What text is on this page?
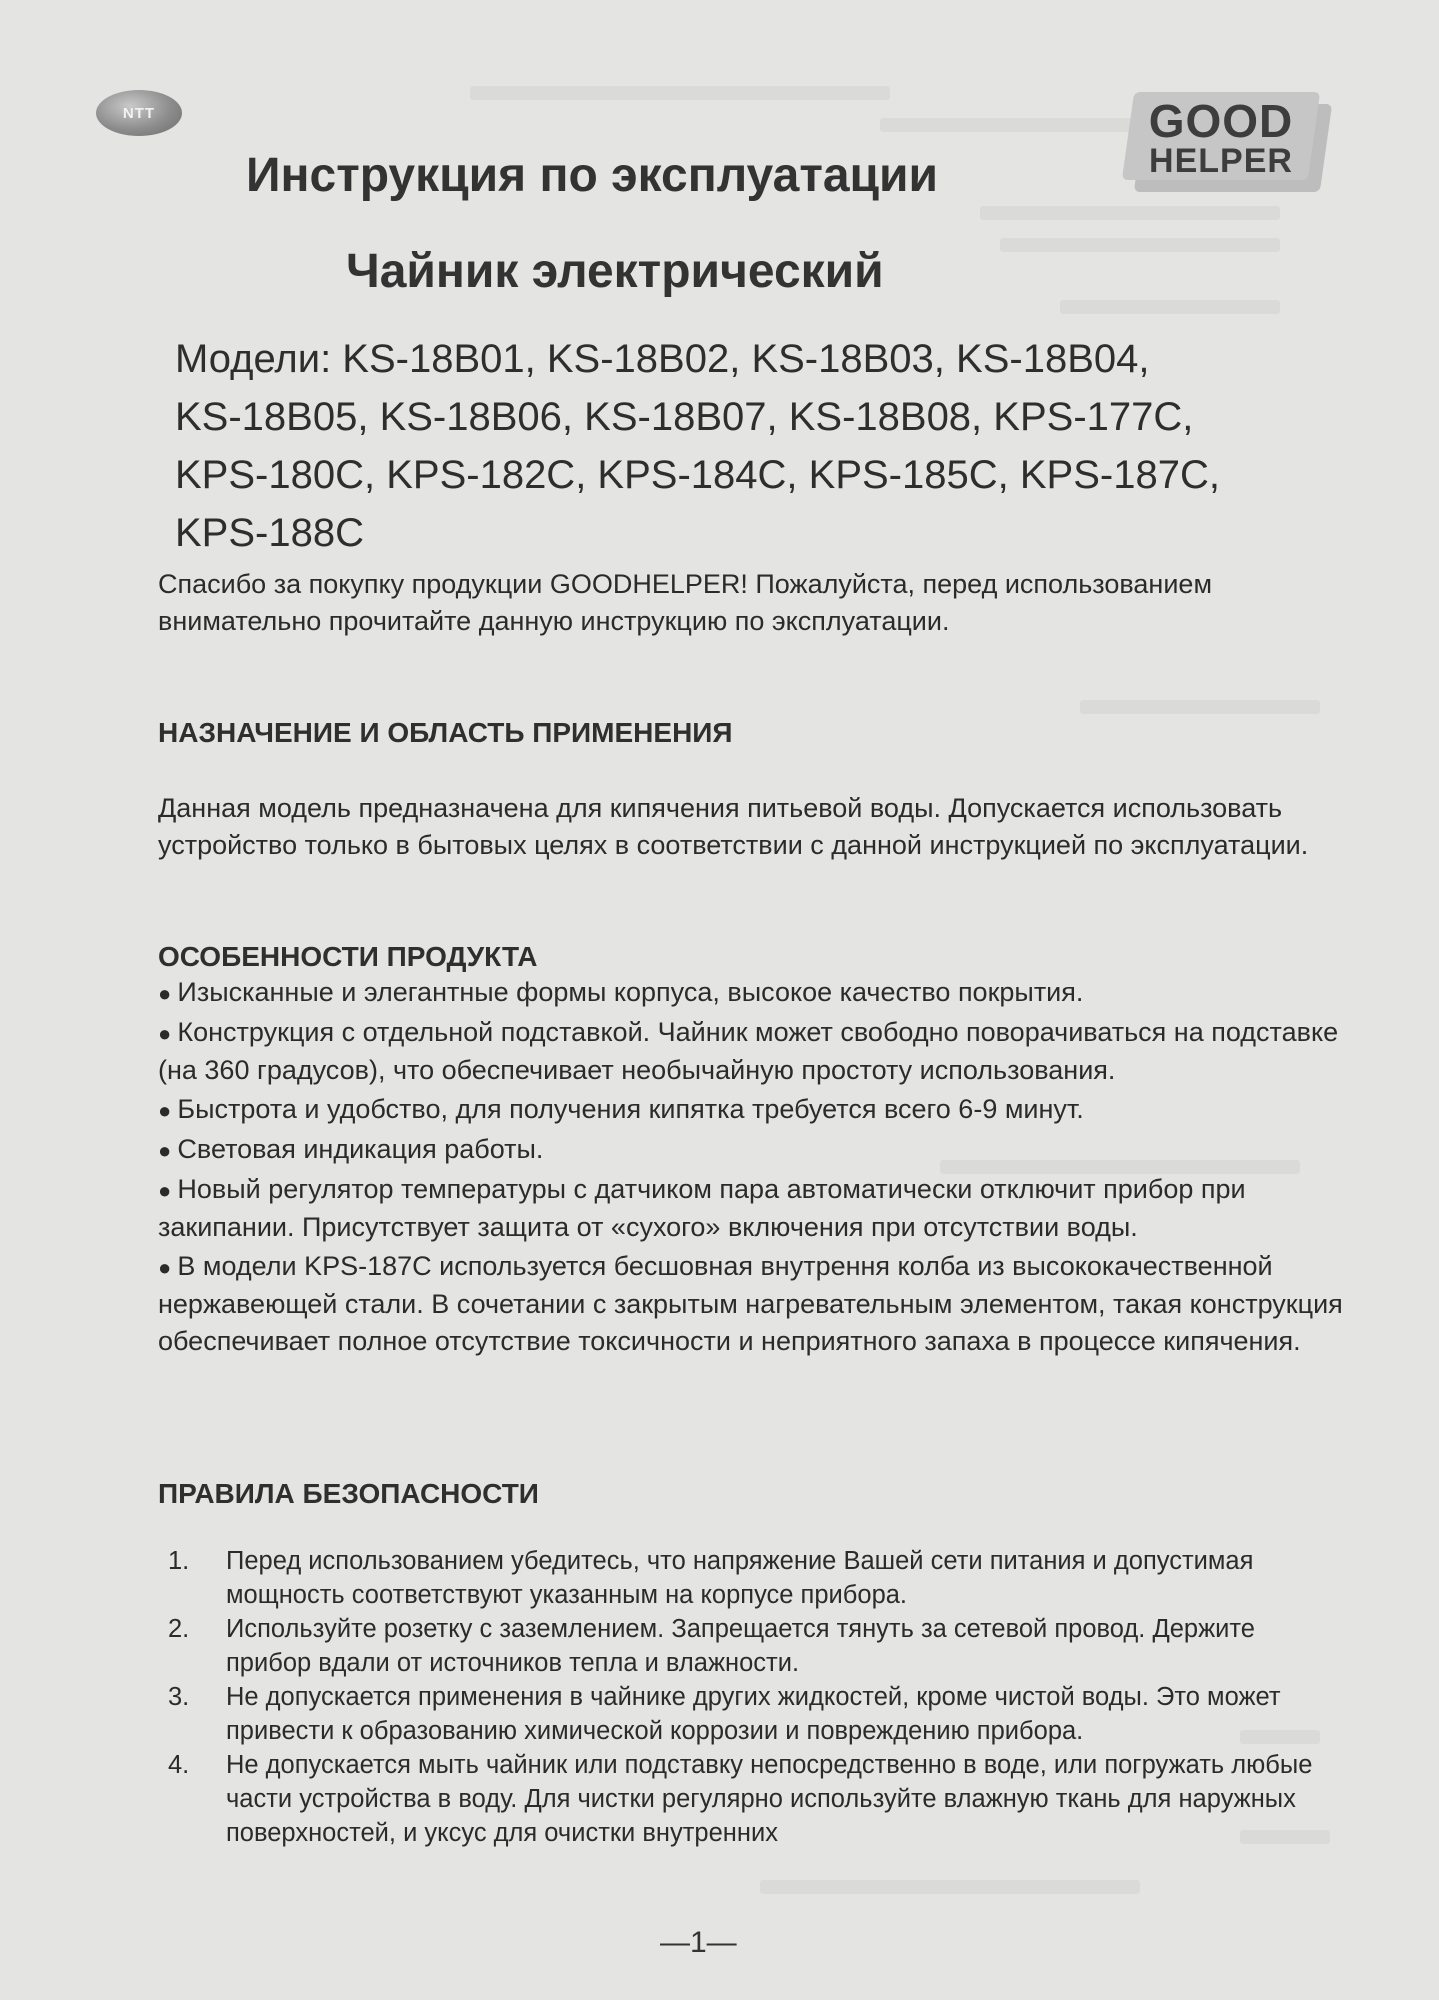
NTT	GOOD
HELPER
Инструкция по эксплуатации
Чайник электрический
Модели: KS-18B01, KS-18B02, KS-18B03, KS-18B04,
KS-18B05, KS-18B06, KS-18B07, KS-18B08, KPS-177C,
KPS-180C, KPS-182C, KPS-184C, KPS-185C, KPS-187C,
KPS-188C
Спасибо за покупку продукции GOODHELPER! Пожалуйста, перед использованием внимательно прочитайте данную инструкцию по эксплуатации.
НАЗНАЧЕНИЕ И ОБЛАСТЬ ПРИМЕНЕНИЯ
Данная модель предназначена для кипячения питьевой воды. Допускается использовать устройство только в бытовых целях в соответствии с данной инструкцией по эксплуатации.
ОСОБЕННОСТИ ПРОДУКТА
● Изысканные и элегантные формы корпуса, высокое качество покрытия.
● Конструкция с отдельной подставкой. Чайник может свободно поворачиваться на подставке (на 360 градусов), что обеспечивает необычайную простоту использования.
● Быстрота и удобство, для получения кипятка требуется всего 6-9 минут.
● Световая индикация работы.
● Новый регулятор температуры с датчиком пара автоматически отключит прибор при закипании. Присутствует защита от «сухого» включения при отсутствии воды.
● В модели KPS-187C используется бесшовная внутрення колба из высококачественной нержавеющей стали. В сочетании с закрытым нагревательным элементом, такая конструкция обеспечивает полное отсутствие токсичности и неприятного запаха в процессе кипячения.
ПРАВИЛА БЕЗОПАСНОСТИ
1. Перед использованием убедитесь, что напряжение Вашей сети питания и допустимая мощность соответствуют указанным на корпусе прибора.
2. Используйте розетку с заземлением. Запрещается тянуть за сетевой провод. Держите прибор вдали от источников тепла и влажности.
3. Не допускается применения в чайнике других жидкостей, кроме чистой воды. Это может привести к образованию химической коррозии и повреждению прибора.
4. Не допускается мыть чайник или подставку непосредственно в воде, или погружать любые части устройства в воду. Для чистки регулярно используйте влажную ткань для наружных поверхностей, и уксус для очистки внутренних
—1—
